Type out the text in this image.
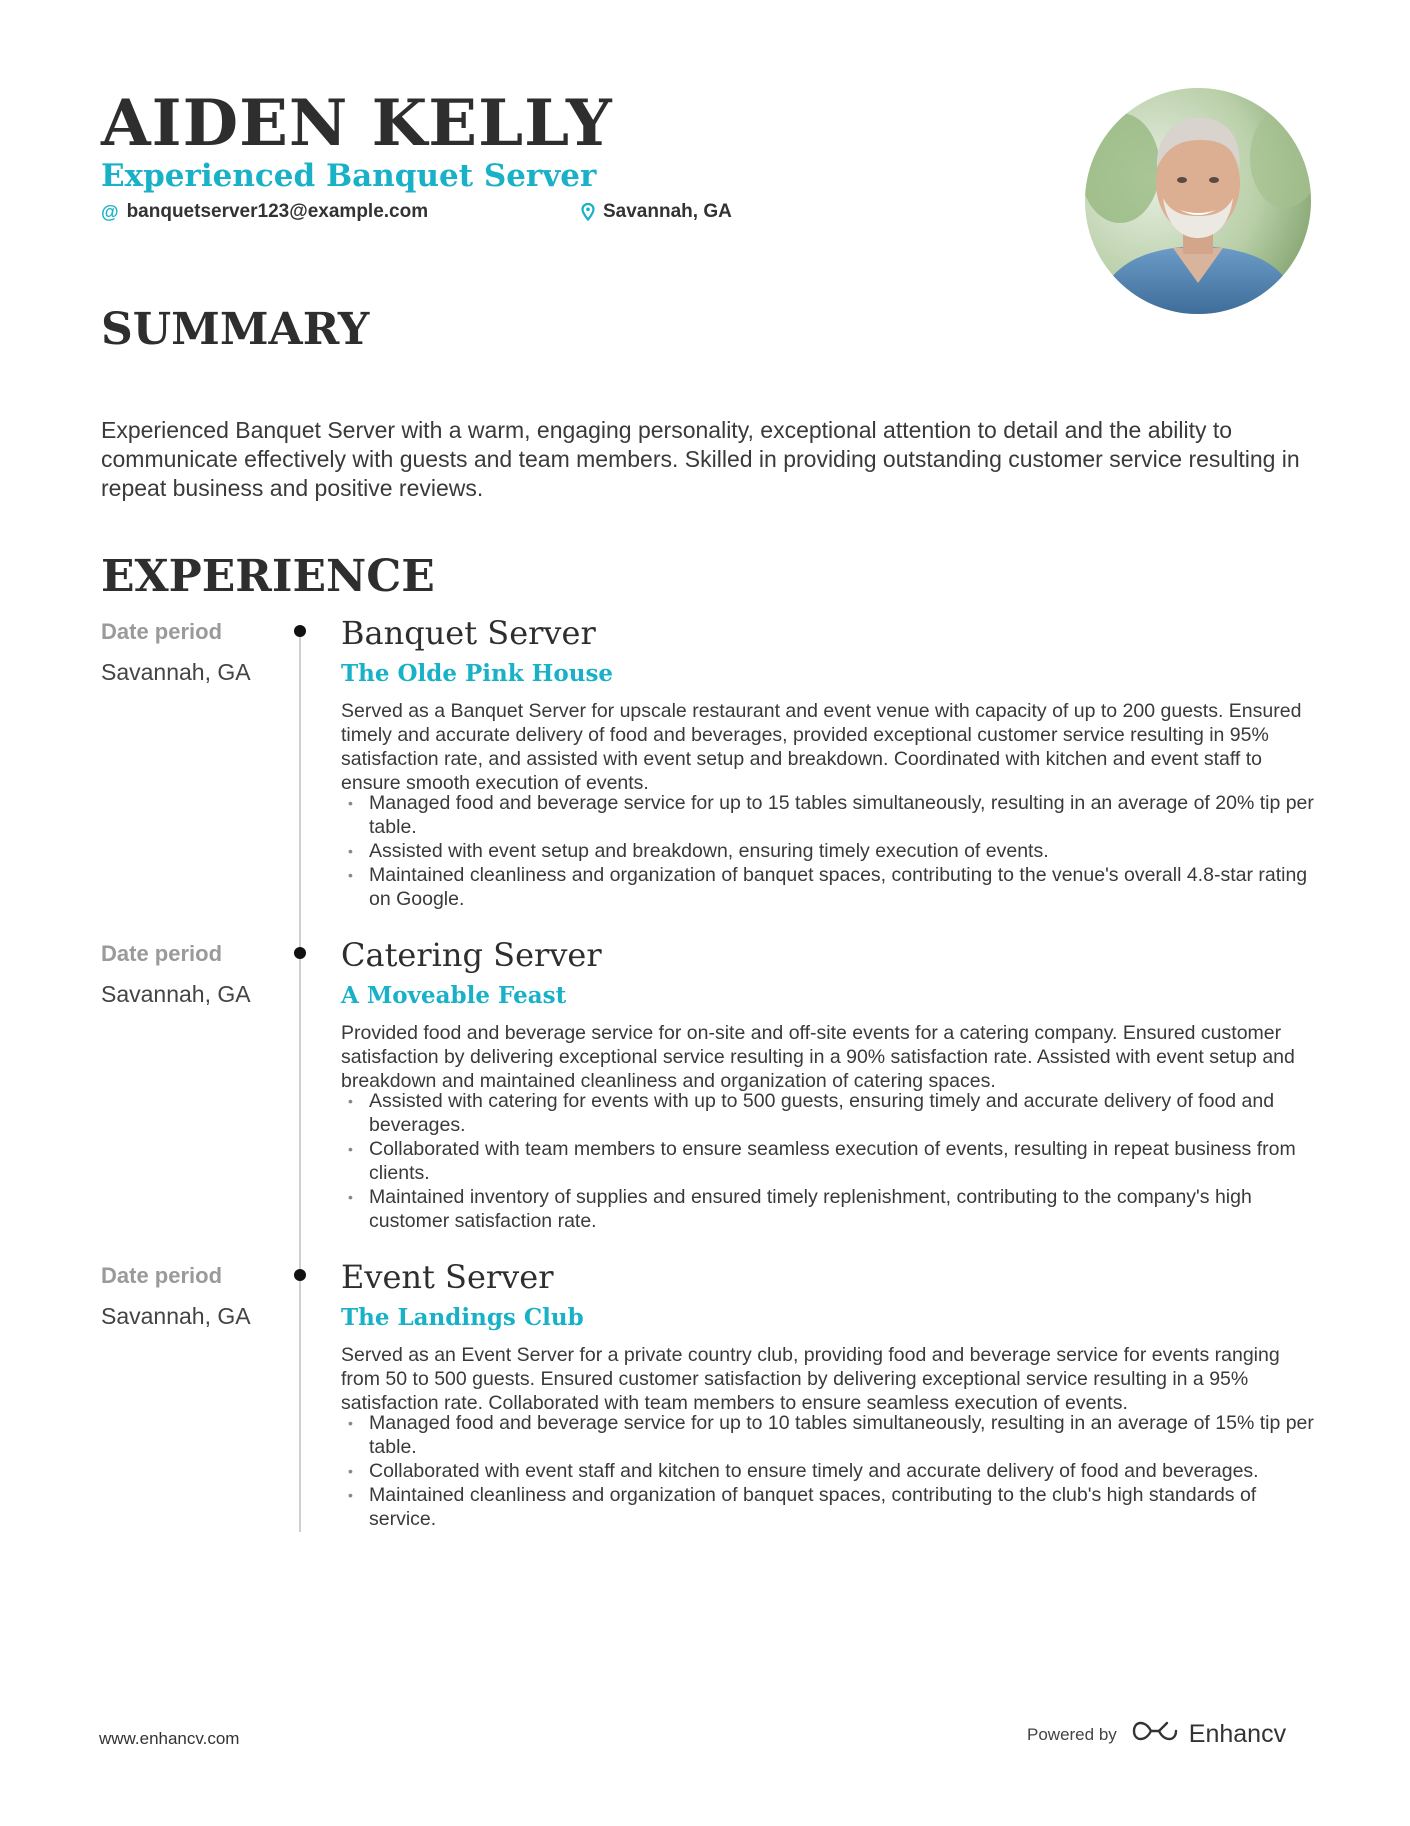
AIDEN KELLY
Experienced Banquet Server
@ banquetserver123@example.com	Savannah, GA
SUMMARY

Experienced Banquet Server with a warm, engaging personality, exceptional attention to detail and the ability to communicate effectively with guests and team members. Skilled in providing outstanding customer service resulting in repeat business and positive reviews.

EXPERIENCE
Date period
Savannah, GA
Banquet Server
The Olde Pink House

Served as a Banquet Server for upscale restaurant and event venue with capacity of up to 200 guests. Ensured timely and accurate delivery of food and beverages, provided exceptional customer service resulting in 95% satisfaction rate, and assisted with event setup and breakdown. Coordinated with kitchen and event staff to ensure smooth execution of events.

• Managed food and beverage service for up to 15 tables simultaneously, resulting in an average of 20% tip per table.
• Assisted with event setup and breakdown, ensuring timely execution of events.
• Maintained cleanliness and organization of banquet spaces, contributing to the venue's overall 4.8-star rating on Google.
Date period
Savannah, GA
Catering Server
A Moveable Feast

Provided food and beverage service for on-site and off-site events for a catering company. Ensured customer satisfaction by delivering exceptional service resulting in a 90% satisfaction rate. Assisted with event setup and breakdown and maintained cleanliness and organization of catering spaces.

• Assisted with catering for events with up to 500 guests, ensuring timely and accurate delivery of food and beverages.
• Collaborated with team members to ensure seamless execution of events, resulting in repeat business from clients.
• Maintained inventory of supplies and ensured timely replenishment, contributing to the company's high customer satisfaction rate.
Date period
Savannah, GA
Event Server
The Landings Club

Served as an Event Server for a private country club, providing food and beverage service for events ranging from 50 to 500 guests. Ensured customer satisfaction by delivering exceptional service resulting in a 95% satisfaction rate. Collaborated with team members to ensure seamless execution of events.

• Managed food and beverage service for up to 10 tables simultaneously, resulting in an average of 15% tip per table.
• Collaborated with event staff and kitchen to ensure timely and accurate delivery of food and beverages.
• Maintained cleanliness and organization of banquet spaces, contributing to the club's high standards of service.
www.enhancv.com	Powered by	Enhancv
